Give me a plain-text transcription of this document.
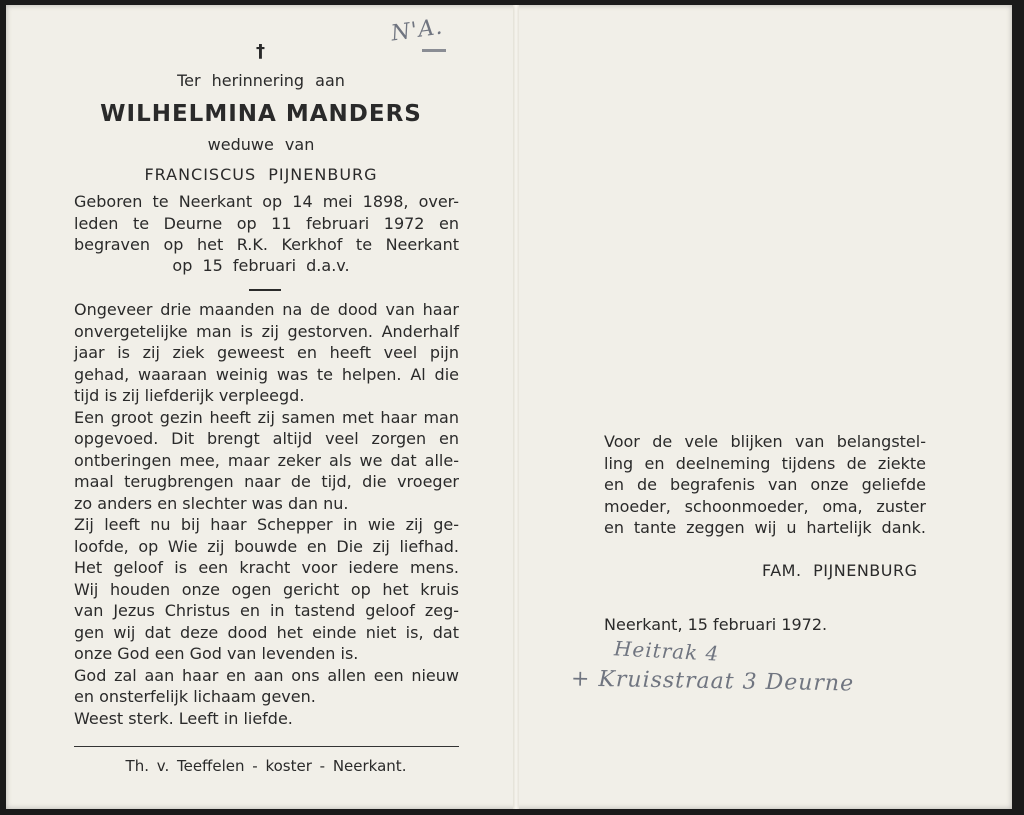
N'A.
†
Ter herinnering aan
WILHELMINA MANDERS
weduwe van
FRANCISCUS PIJNENBURG
Geboren te Neerkant op 14 mei 1898, over-
leden te Deurne op 11 februari 1972 en
begraven op het R.K. Kerkhof te Neerkant
op 15 februari d.a.v.
Ongeveer drie maanden na de dood van haar
onvergetelijke man is zij gestorven. Anderhalf
jaar is zij ziek geweest en heeft veel pijn
gehad, waaraan weinig was te helpen. Al die
tijd is zij liefderijk verpleegd.
Een groot gezin heeft zij samen met haar man
opgevoed. Dit brengt altijd veel zorgen en
ontberingen mee, maar zeker als we dat alle-
maal terugbrengen naar de tijd, die vroeger
zo anders en slechter was dan nu.
Zij leeft nu bij haar Schepper in wie zij ge-
loofde, op Wie zij bouwde en Die zij liefhad.
Het geloof is een kracht voor iedere mens.
Wij houden onze ogen gericht op het kruis
van Jezus Christus en in tastend geloof zeg-
gen wij dat deze dood het einde niet is, dat
onze God een God van levenden is.
God zal aan haar en aan ons allen een nieuw
en onsterfelijk lichaam geven.
Weest sterk. Leeft in liefde.
Th. v. Teeffelen - koster - Neerkant.
Voor de vele blijken van belangstel-
ling en deelneming tijdens de ziekte
en de begrafenis van onze geliefde
moeder, schoonmoeder, oma, zuster
en tante zeggen wij u hartelijk dank.
FAM. PIJNENBURG
Neerkant, 15 februari 1972.
Heitrak 4
+ Kruisstraat 3 Deurne
